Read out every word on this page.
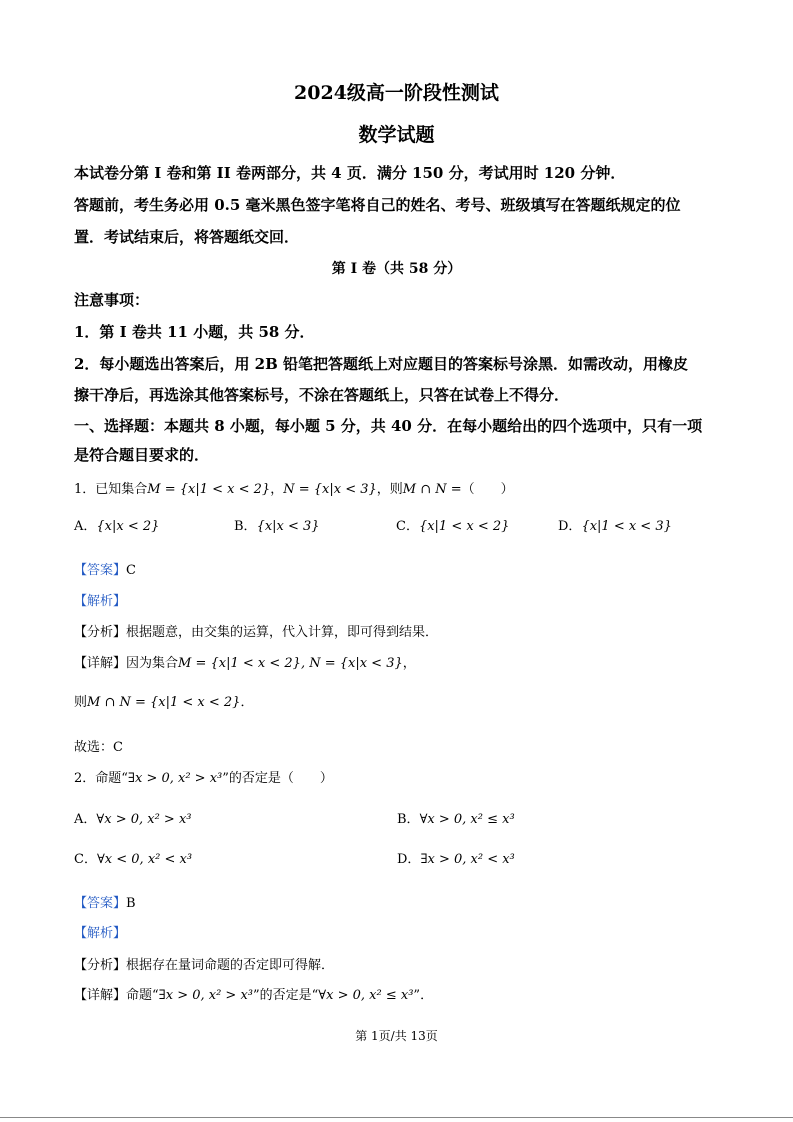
2024级高一阶段性测试
数学试题
本试卷分第 I 卷和第 II 卷两部分，共 4 页．满分 150 分，考试用时 120 分钟．
答题前，考生务必用 0.5 毫米黑色签字笔将自己的姓名、考号、班级填写在答题纸规定的位
置．考试结束后，将答题纸交回．
第 I 卷（共 58 分）
注意事项：
1．第 I 卷共 11 小题，共 58 分．
2．每小题选出答案后，用 2B 铅笔把答题纸上对应题目的答案标号涂黑．如需改动，用橡皮
擦干净后，再选涂其他答案标号，不涂在答题纸上，只答在试卷上不得分．
一、选择题：本题共 8 小题，每小题 5 分，共 40 分．在每小题给出的四个选项中，只有一项
是符合题目要求的．
1．已知集合M = {x|1 < x < 2}，N = {x|x < 3}，则M ∩ N =（　　）
A．{x|x < 2}	B．{x|x < 3}	C．{x|1 < x < 2}	D．{x|1 < x < 3}
【答案】C
【解析】
【分析】根据题意，由交集的运算，代入计算，即可得到结果．
【详解】因为集合M = {x|1 < x < 2}, N = {x|x < 3}，
则M ∩ N = {x|1 < x < 2}．
故选：C
2．命题“∃x > 0, x² > x³”的否定是（　　）
A．∀x > 0, x² > x³	B．∀x > 0, x² ≤ x³
C．∀x < 0, x² < x³	D．∃x > 0, x² < x³
【答案】B
【解析】
【分析】根据存在量词命题的否定即可得解．
【详解】命题“∃x > 0, x² > x³”的否定是“∀x > 0, x² ≤ x³”．
第 1页/共 13页
